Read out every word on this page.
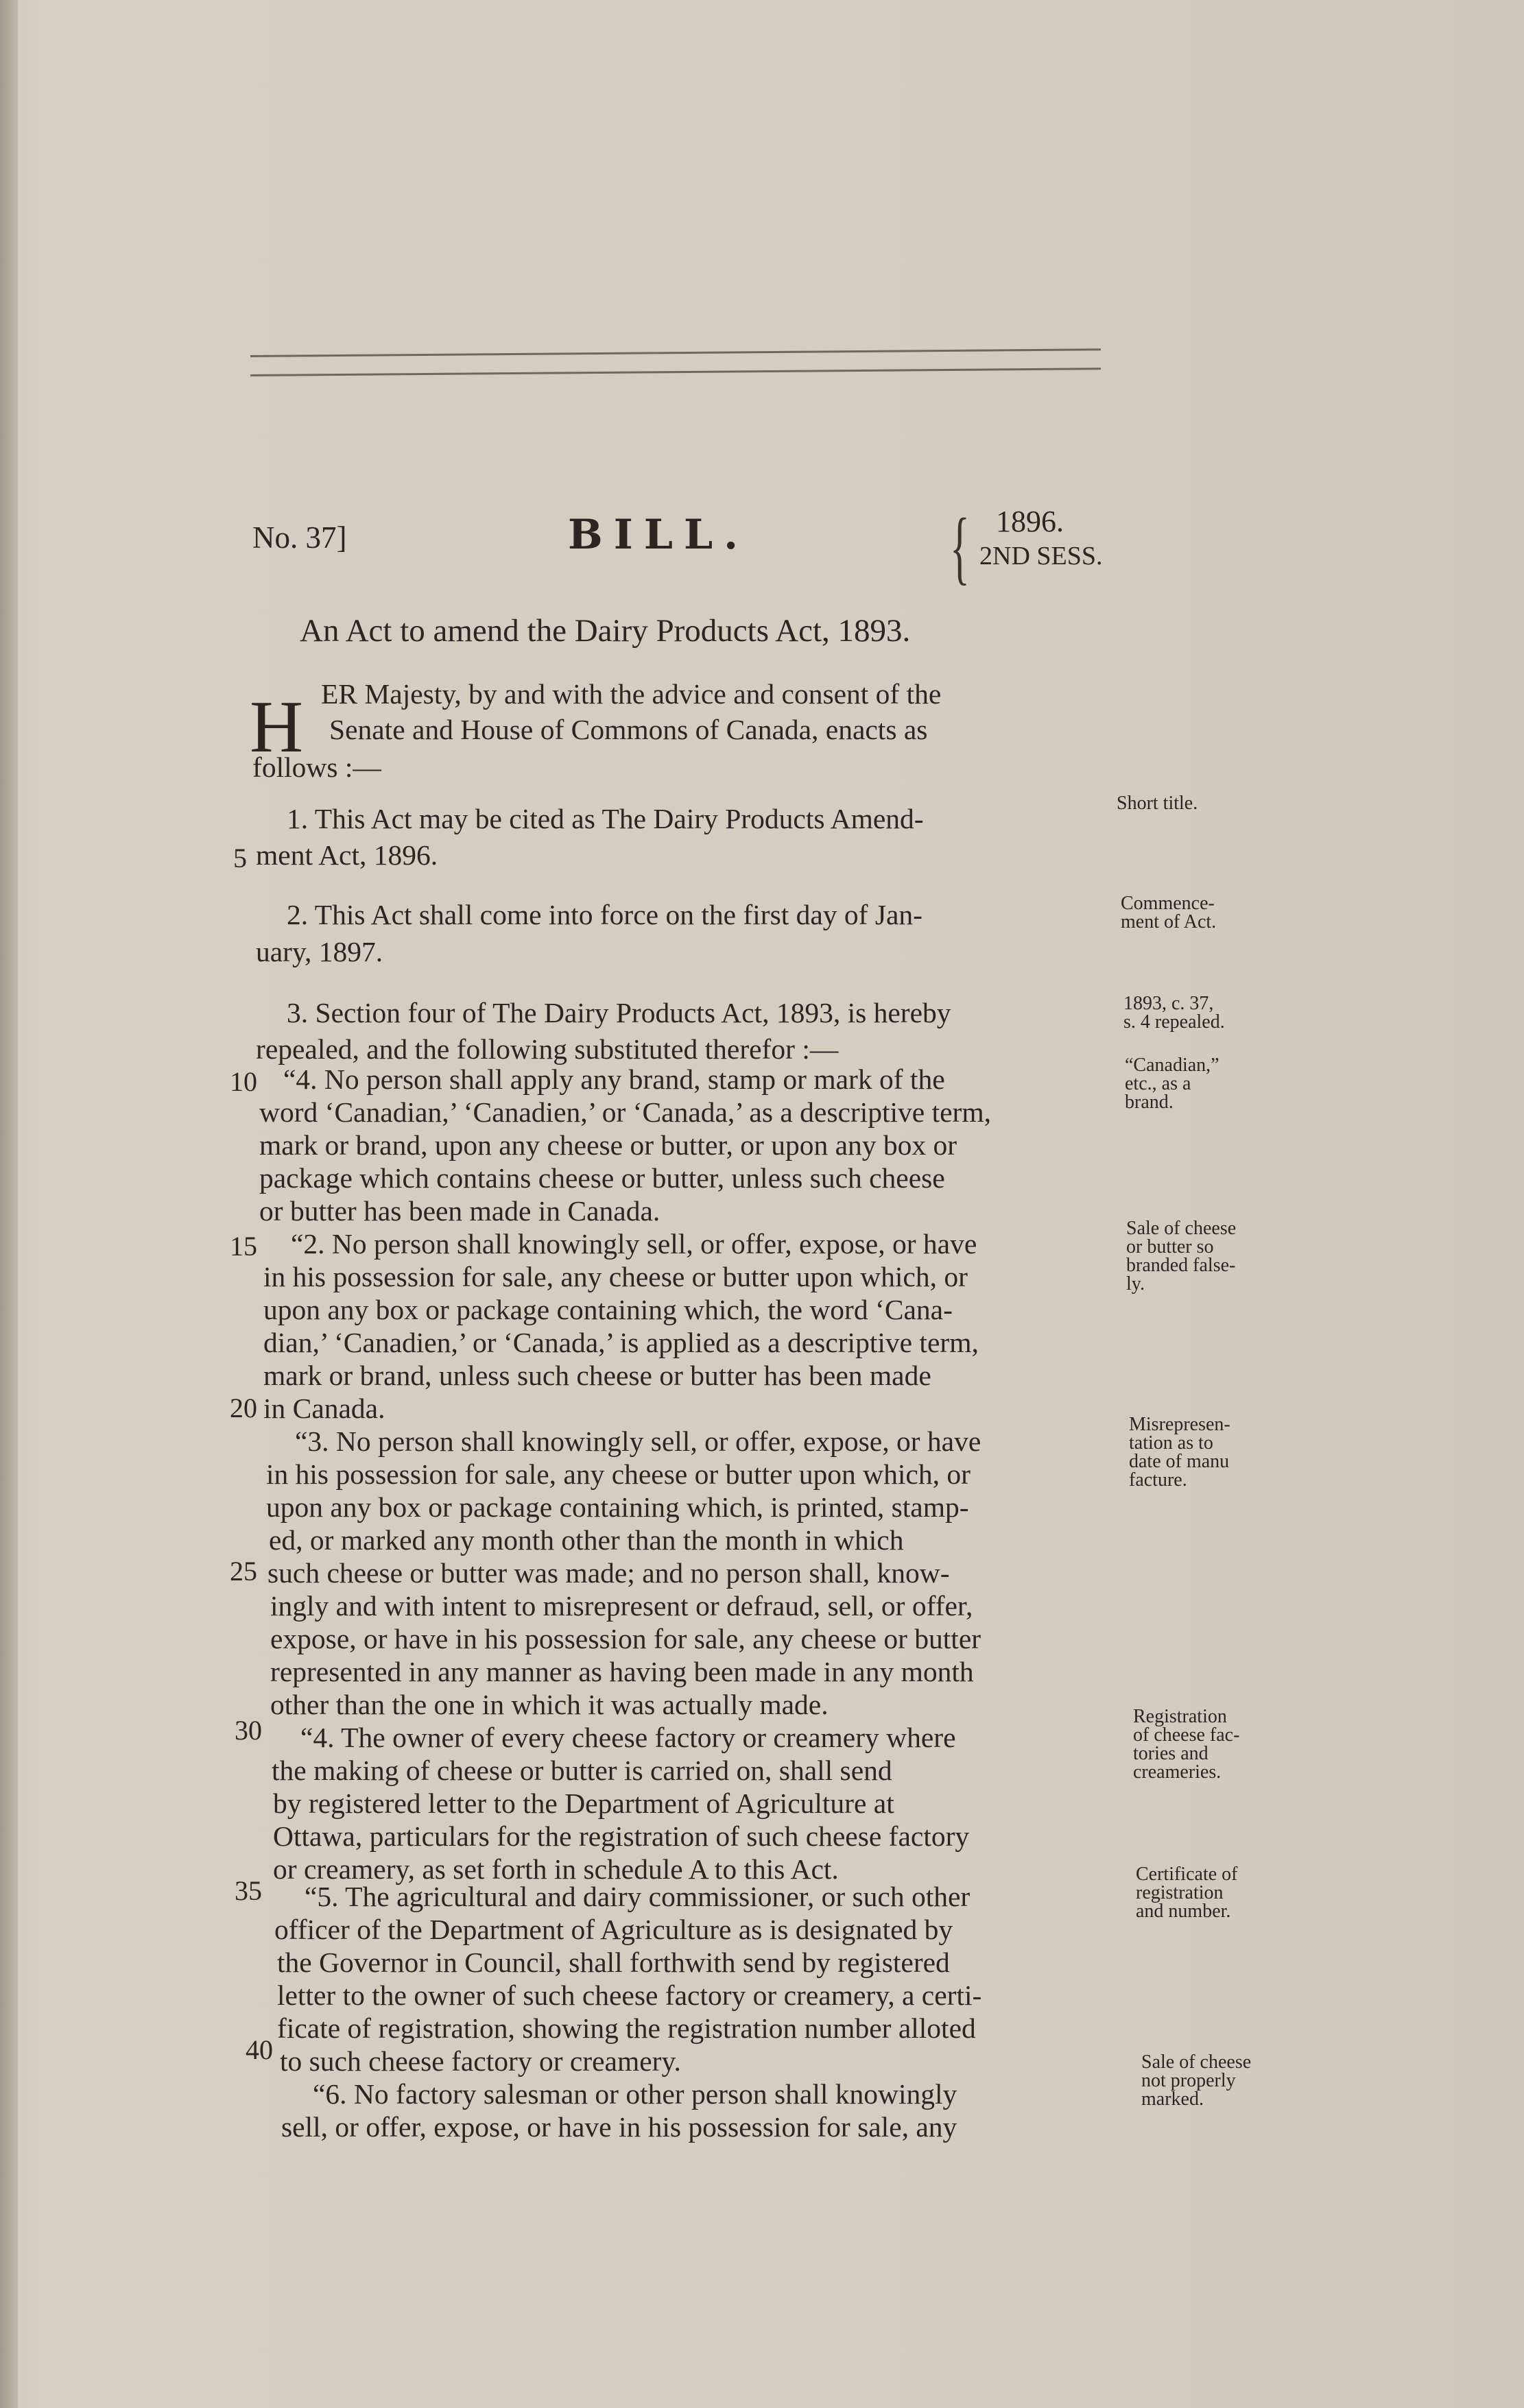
No. 37]	BILL. { 1896.
2ND SESS.
An Act to amend the Dairy Products Act, 1893.
H ER Majesty, by and with the advice and consent of the
Senate and House of Commons of Canada, enacts as
follows :—
1. This Act may be cited as The Dairy Products Amend-
ment Act, 1896.
2. This Act shall come into force on the first day of Jan-
uary, 1897.
3. Section four of The Dairy Products Act, 1893, is hereby
repealed, and the following substituted therefor :—
“4. No person shall apply any brand, stamp or mark of the
word ‘Canadian,’ ‘Canadien,’ or ‘Canada,’ as a descriptive term,
mark or brand, upon any cheese or butter, or upon any box or
package which contains cheese or butter, unless such cheese
or butter has been made in Canada.
“2. No person shall knowingly sell, or offer, expose, or have
in his possession for sale, any cheese or butter upon which, or
upon any box or package containing which, the word ‘Cana-
dian,’ ‘Canadien,’ or ‘Canada,’ is applied as a descriptive term,
mark or brand, unless such cheese or butter has been made
in Canada.
“3. No person shall knowingly sell, or offer, expose, or have
in his possession for sale, any cheese or butter upon which, or
upon any box or package containing which, is printed, stamp-
ed, or marked any month other than the month in which
such cheese or butter was made; and no person shall, know-
ingly and with intent to misrepresent or defraud, sell, or offer,
expose, or have in his possession for sale, any cheese or butter
represented in any manner as having been made in any month
other than the one in which it was actually made.
“4. The owner of every cheese factory or creamery where
the making of cheese or butter is carried on, shall send
by registered letter to the Department of Agriculture at
Ottawa, particulars for the registration of such cheese factory
or creamery, as set forth in schedule A to this Act.
“5. The agricultural and dairy commissioner, or such other
officer of the Department of Agriculture as is designated by
the Governor in Council, shall forthwith send by registered
letter to the owner of such cheese factory or creamery, a certi-
ficate of registration, showing the registration number alloted
to such cheese factory or creamery.
“6. No factory salesman or other person shall knowingly
sell, or offer, expose, or have in his possession for sale, any
5
10
15
20
25
30
35
40
Short title.
Commence-
ment of Act.
1893, c. 37,
s. 4 repealed.
“Canadian,”
etc., as a
brand.
Sale of cheese
or butter so
branded false-
ly.
Misrepresen-
tation as to
date of manu
facture.
Registration
of cheese fac-
tories and
creameries.
Certificate of
registration
and number.
Sale of cheese
not properly
marked.
